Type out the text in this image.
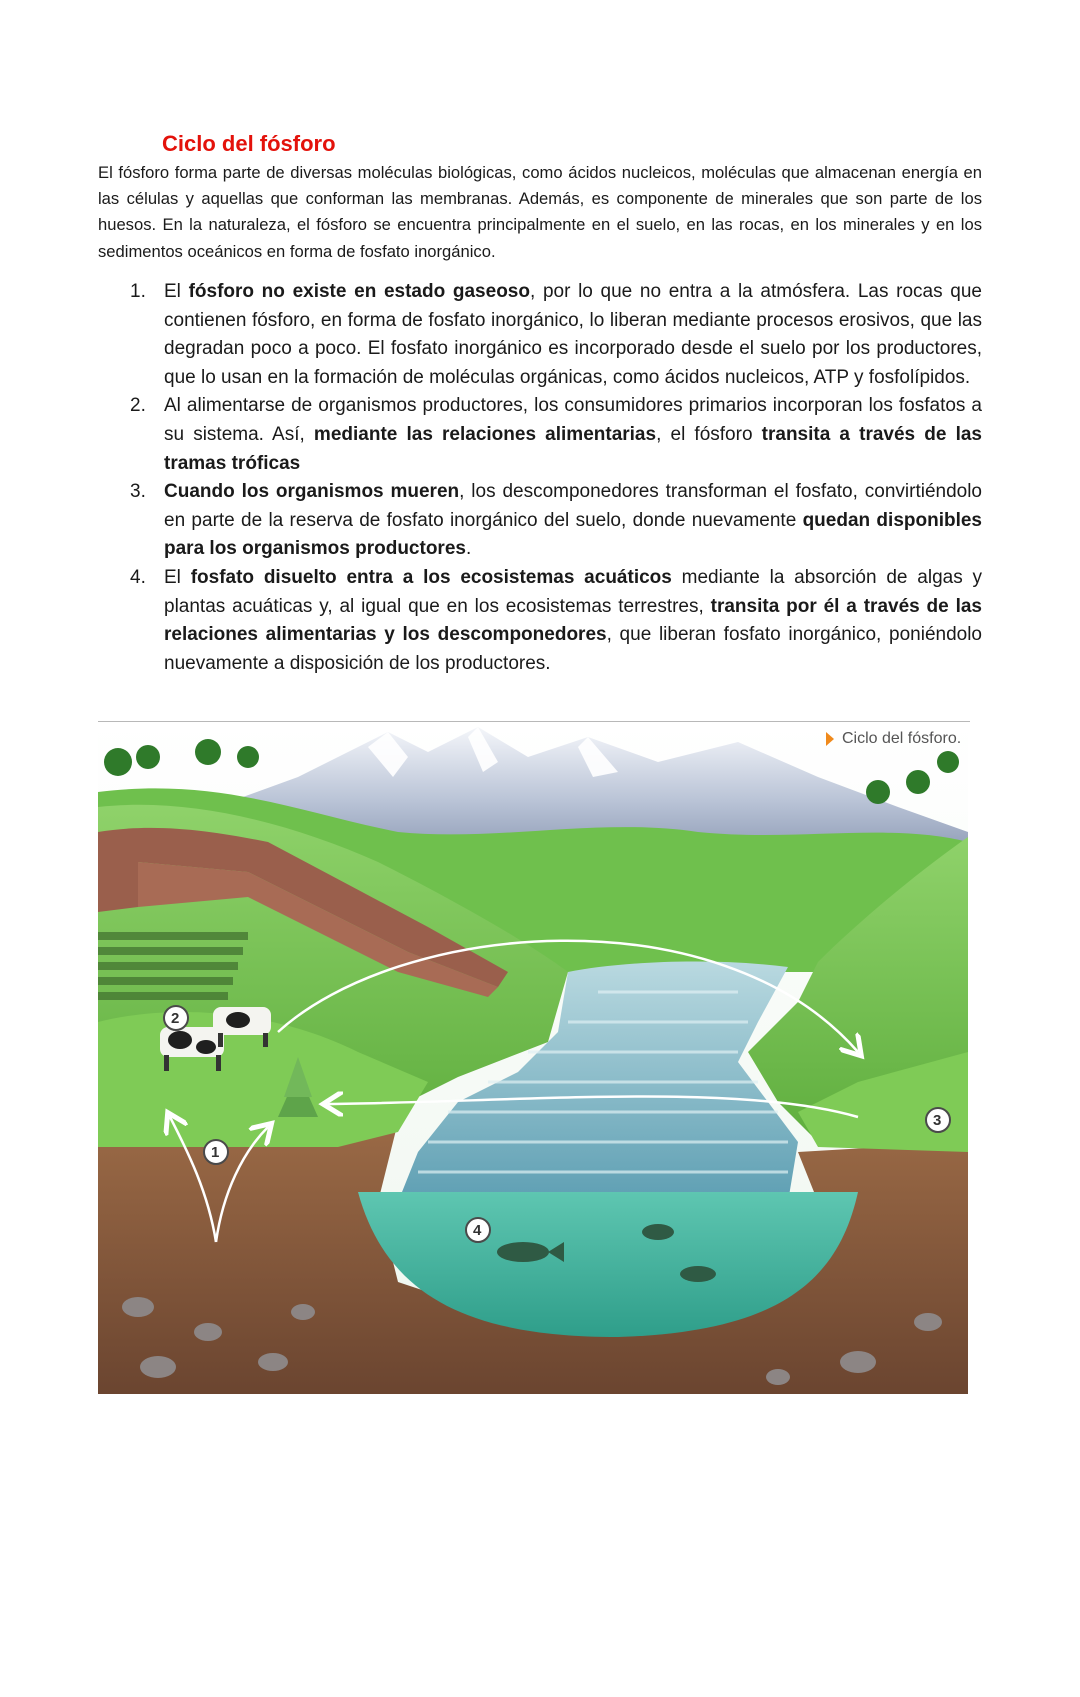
Ciclo del fósforo

El fósforo forma parte de diversas moléculas biológicas, como ácidos nucleicos, moléculas que almacenan energía en las células y aquellas que conforman las membranas. Además, es componente de minerales que son parte de los huesos. En la naturaleza, el fósforo se encuentra principalmente en el suelo, en las rocas, en los minerales y en los sedimentos oceánicos en forma de fosfato inorgánico.

1. El fósforo no existe en estado gaseoso, por lo que no entra a la atmósfera. Las rocas que contienen fósforo, en forma de fosfato inorgánico, lo liberan mediante procesos erosivos, que las degradan poco a poco. El fosfato inorgánico es incorporado desde el suelo por los productores, que lo usan en la formación de moléculas orgánicas, como ácidos nucleicos, ATP y fosfolípidos.
2. Al alimentarse de organismos productores, los consumidores primarios incorporan los fosfatos a su sistema. Así, mediante las relaciones alimentarias, el fósforo transita a través de las tramas tróficas
3. Cuando los organismos mueren, los descomponedores transforman el fosfato, convirtiéndolo en parte de la reserva de fosfato inorgánico del suelo, donde nuevamente quedan disponibles para los organismos productores.
4. El fosfato disuelto entra a los ecosistemas acuáticos mediante la absorción de algas y plantas acuáticas y, al igual que en los ecosistemas terrestres, transita por él a través de las relaciones alimentarias y los descomponedores, que liberan fosfato inorgánico, poniéndolo nuevamente a disposición de los productores.
2
1
3
4
Ciclo del fósforo.
